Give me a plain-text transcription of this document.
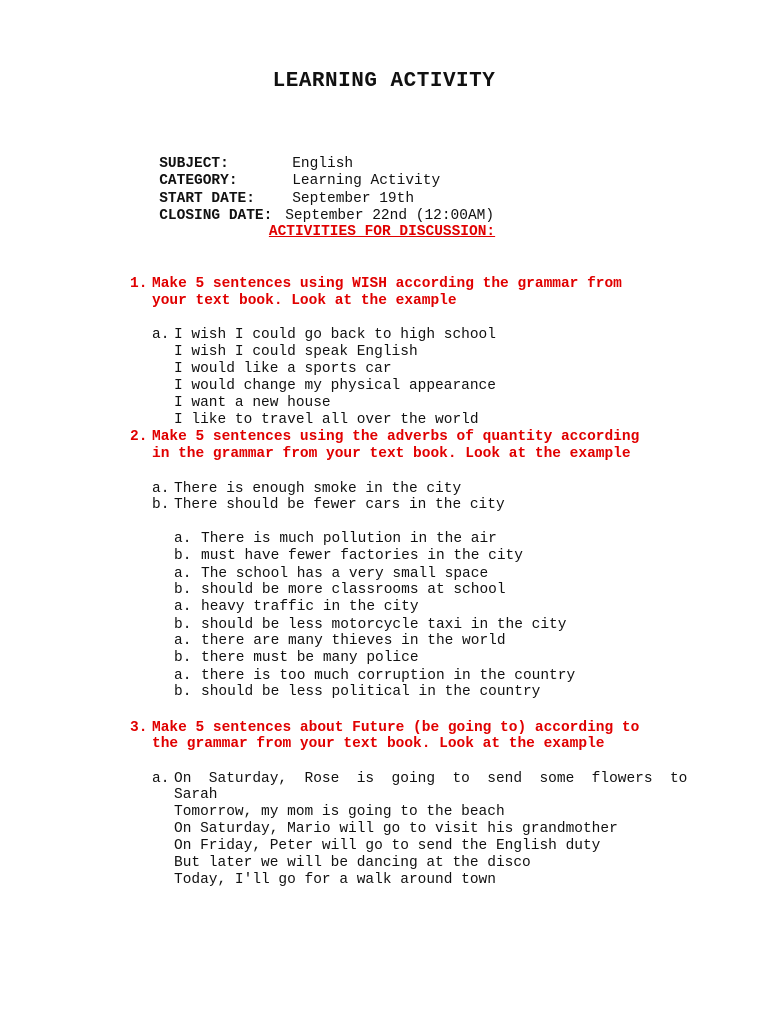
LEARNING ACTIVITY

SUBJECT:	English

CATEGORY:	Learning Activity

START DATE:	September 19th

CLOSING DATE: September 22nd (12:00AM)

ACTIVITIES FOR DISCUSSION:
1. Make 5 sentences using WISH according the grammar from
your text book. Look at the example
a. I wish I could go back to high school
I wish I could speak English
I would like a sports car
I would change my physical appearance
I want a new house
I like to travel all over the world
2. Make 5 sentences using the adverbs of quantity according
in the grammar from your text book. Look at the example
a. There is enough smoke in the city
b. There should be fewer cars in the city
a. There is much pollution in the air
b. must have fewer factories in the city
a. The school has a very small space
b. should be more classrooms at school
a. heavy traffic in the city
b. should be less motorcycle taxi in the city
a. there are many thieves in the world
b. there must be many police
a. there is too much corruption in the country
b. should be less political in the country
3. Make 5 sentences about Future (be going to) according to
the grammar from your text book. Look at the example
a. On  Saturday,  Rose  is  going  to  send  some  flowers  to
Sarah
Tomorrow, my mom is going to the beach
On Saturday, Mario will go to visit his grandmother
On Friday, Peter will go to send the English duty
But later we will be dancing at the disco
Today, I'll go for a walk around town
